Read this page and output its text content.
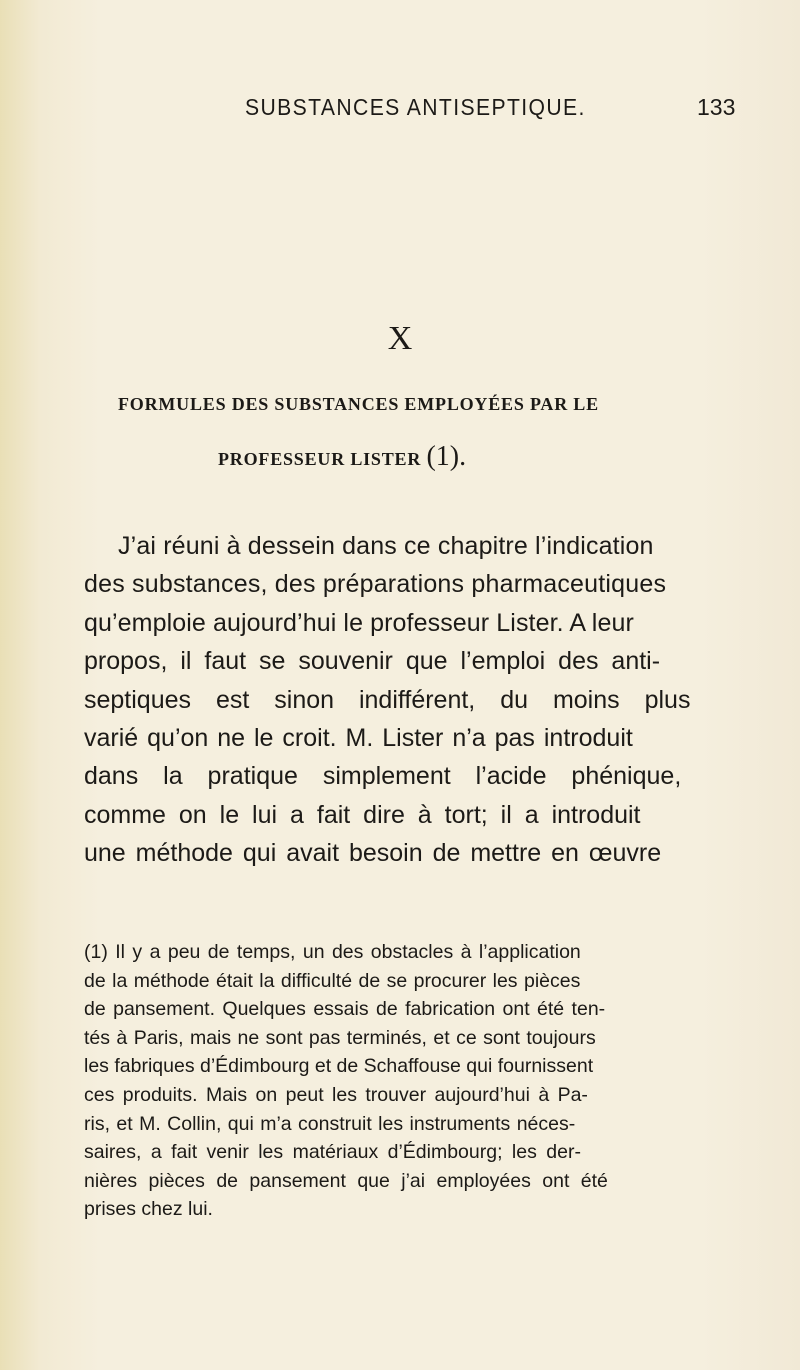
SUBSTANCES ANTISEPTIQUE.	133
X
FORMULES DES SUBSTANCES EMPLOYÉES PAR LE
PROFESSEUR LISTER (1).
J’ai réuni à dessein dans ce chapitre l’indication
des substances, des préparations pharmaceutiques
qu’emploie aujourd’hui le professeur Lister. A leur
propos, il faut se souvenir que l’emploi des anti-
septiques est sinon indifférent, du moins plus
varié qu’on ne le croit. M. Lister n’a pas introduit
dans la pratique simplement l’acide phénique,
comme on le lui a fait dire à tort; il a introduit
une méthode qui avait besoin de mettre en œuvre
(1) Il y a peu de temps, un des obstacles à l’application
de la méthode était la difficulté de se procurer les pièces
de pansement. Quelques essais de fabrication ont été ten-
tés à Paris, mais ne sont pas terminés, et ce sont toujours
les fabriques d’Édimbourg et de Schaffouse qui fournissent
ces produits. Mais on peut les trouver aujourd’hui à Pa-
ris, et M. Collin, qui m’a construit les instruments néces-
saires, a fait venir les matériaux d’Édimbourg; les der-
nières pièces de pansement que j’ai employées ont été
prises chez lui.
